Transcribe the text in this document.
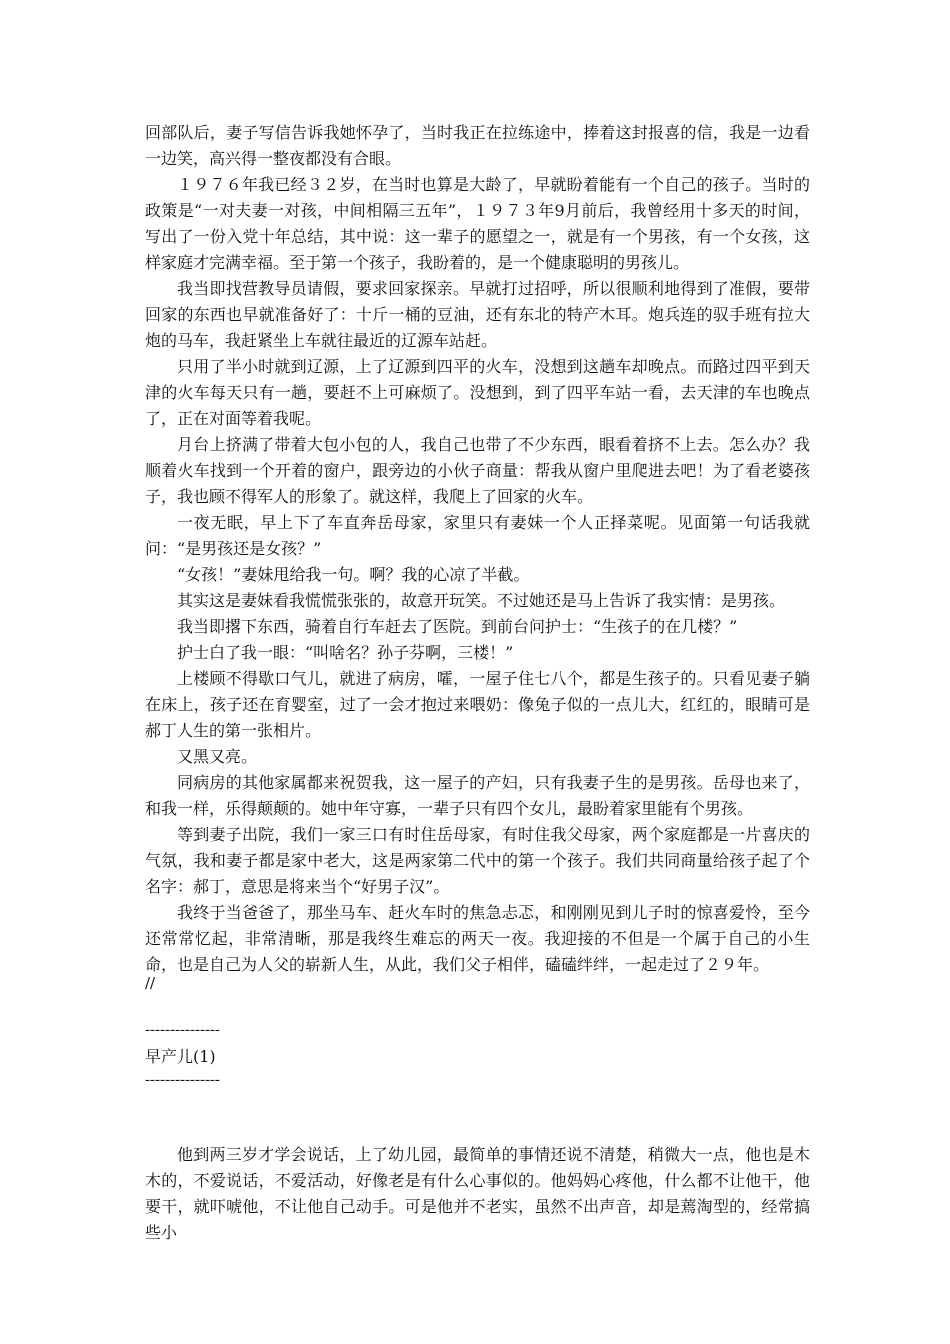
回部队后，妻子写信告诉我她怀孕了，当时我正在拉练途中，捧着这封报喜的信，我是一边看一边笑，高兴得一整夜都没有合眼。

１９７６年我已经３２岁，在当时也算是大龄了，早就盼着能有一个自己的孩子。当时的政策是“一对夫妻一对孩，中间相隔三五年”，１９７３年9月前后，我曾经用十多天的时间，写出了一份入党十年总结，其中说：这一辈子的愿望之一，就是有一个男孩，有一个女孩，这样家庭才完满幸福。至于第一个孩子，我盼着的，是一个健康聪明的男孩儿。

我当即找营教导员请假，要求回家探亲。早就打过招呼，所以很顺利地得到了准假，要带回家的东西也早就准备好了：十斤一桶的豆油，还有东北的特产木耳。炮兵连的驭手班有拉大炮的马车，我赶紧坐上车就往最近的辽源车站赶。

只用了半小时就到辽源，上了辽源到四平的火车，没想到这趟车却晚点。而路过四平到天津的火车每天只有一趟，要赶不上可麻烦了。没想到，到了四平车站一看，去天津的车也晚点了，正在对面等着我呢。

月台上挤满了带着大包小包的人，我自己也带了不少东西，眼看着挤不上去。怎么办？我顺着火车找到一个开着的窗户，跟旁边的小伙子商量：帮我从窗户里爬进去吧！为了看老婆孩子，我也顾不得军人的形象了。就这样，我爬上了回家的火车。

一夜无眠，早上下了车直奔岳母家，家里只有妻妹一个人正择菜呢。见面第一句话我就问：“是男孩还是女孩？”

“女孩！”妻妹甩给我一句。啊？我的心凉了半截。

其实这是妻妹看我慌慌张张的，故意开玩笑。不过她还是马上告诉了我实情：是男孩。

我当即撂下东西，骑着自行车赶去了医院。到前台问护士：“生孩子的在几楼？”

护士白了我一眼：“叫啥名？孙子芬啊，三楼！”

上楼顾不得歇口气儿，就进了病房，嚯，一屋子住七八个，都是生孩子的。只看见妻子躺在床上，孩子还在育婴室，过了一会才抱过来喂奶：像兔子似的一点儿大，红红的，眼睛可是郝丁人生的第一张相片。

又黑又亮。

同病房的其他家属都来祝贺我，这一屋子的产妇，只有我妻子生的是男孩。岳母也来了，和我一样，乐得颠颠的。她中年守寡，一辈子只有四个女儿，最盼着家里能有个男孩。

等到妻子出院，我们一家三口有时住岳母家，有时住我父母家，两个家庭都是一片喜庆的气氛，我和妻子都是家中老大，这是两家第二代中的第一个孩子。我们共同商量给孩子起了个名字：郝丁，意思是将来当个“好男子汉”。

我终于当爸爸了，那坐马车、赶火车时的焦急忐忑，和刚刚见到儿子时的惊喜爱怜，至今还常常忆起，非常清晰，那是我终生难忘的两天一夜。我迎接的不但是一个属于自己的小生命，也是自己为人父的崭新人生，从此，我们父子相伴，磕磕绊绊，一起走过了２９年。

//
---------------
早产儿(1)
---------------

他到两三岁才学会说话，上了幼儿园，最简单的事情还说不清楚，稍微大一点，他也是木木的，不爱说话，不爱活动，好像老是有什么心事似的。他妈妈心疼他，什么都不让他干，他要干，就吓唬他，不让他自己动手。可是他并不老实，虽然不出声音，却是蔫淘型的，经常搞些小
